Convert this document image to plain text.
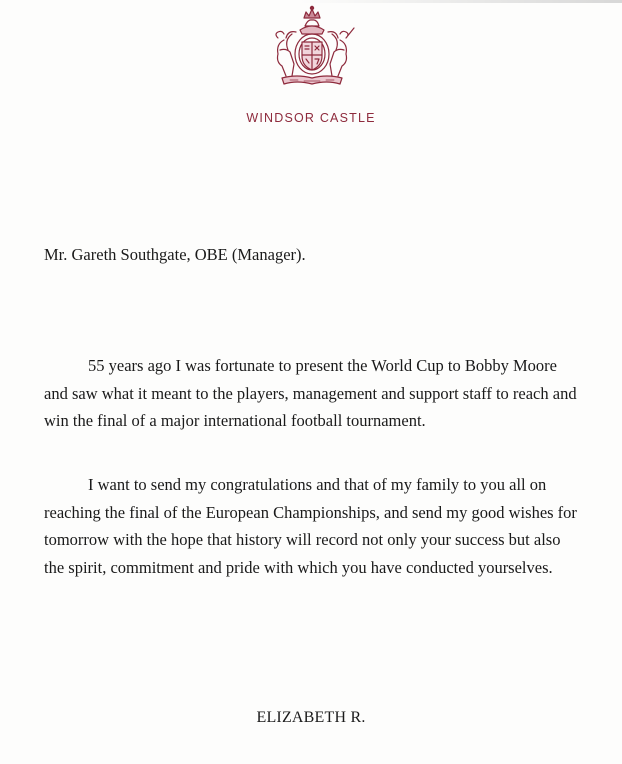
WINDSOR CASTLE
Mr. Gareth Southgate, OBE (Manager).

55 years ago I was fortunate to present the World Cup to Bobby Moore and saw what it meant to the players, management and support staff to reach and win the final of a major international football tournament.

I want to send my congratulations and that of my family to you all on reaching the final of the European Championships, and send my good wishes for tomorrow with the hope that history will record not only your success but also the spirit, commitment and pride with which you have conducted yourselves.

ELIZABETH R.
